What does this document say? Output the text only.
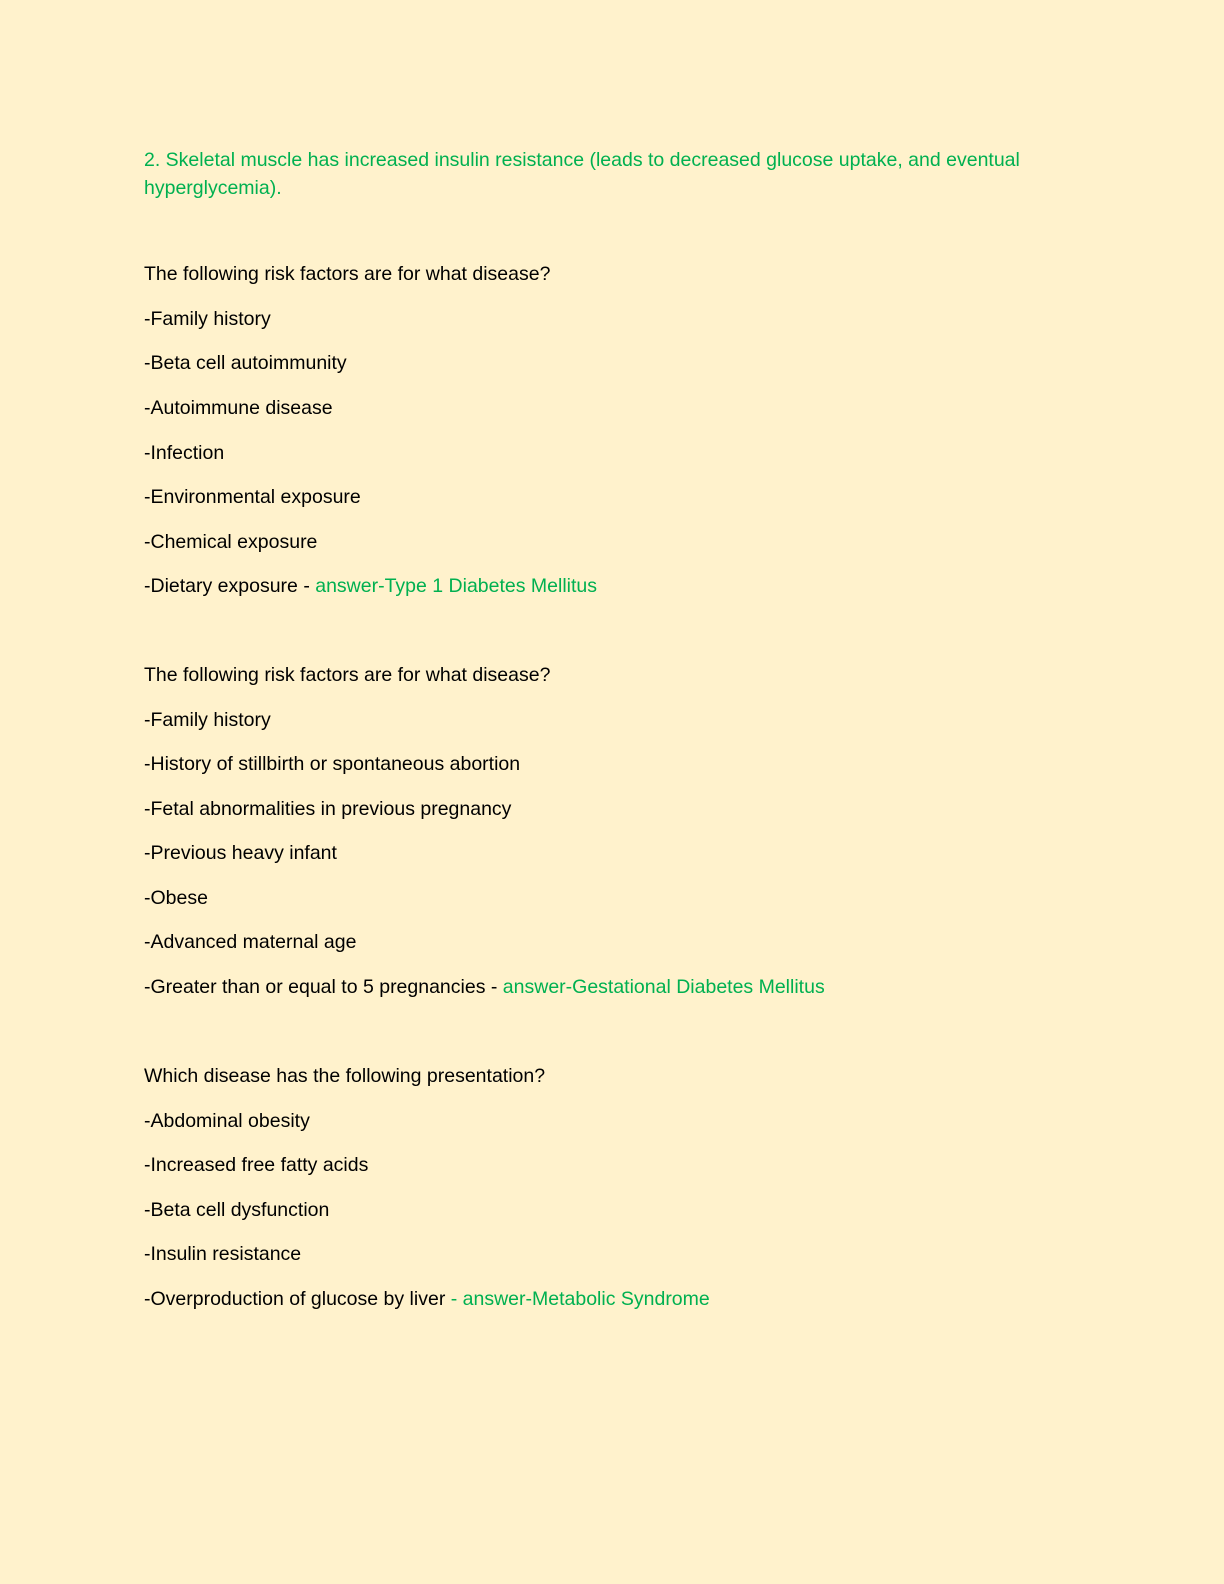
2. Skeletal muscle has increased insulin resistance (leads to decreased glucose uptake, and eventual hyperglycemia).
The following risk factors are for what disease?
-Family history
-Beta cell autoimmunity
-Autoimmune disease
-Infection
-Environmental exposure
-Chemical exposure
-Dietary exposure - answer-Type 1 Diabetes Mellitus
The following risk factors are for what disease?
-Family history
-History of stillbirth or spontaneous abortion
-Fetal abnormalities in previous pregnancy
-Previous heavy infant
-Obese
-Advanced maternal age
-Greater than or equal to 5 pregnancies - answer-Gestational Diabetes Mellitus
Which disease has the following presentation?
-Abdominal obesity
-Increased free fatty acids
-Beta cell dysfunction
-Insulin resistance
-Overproduction of glucose by liver - answer-Metabolic Syndrome
